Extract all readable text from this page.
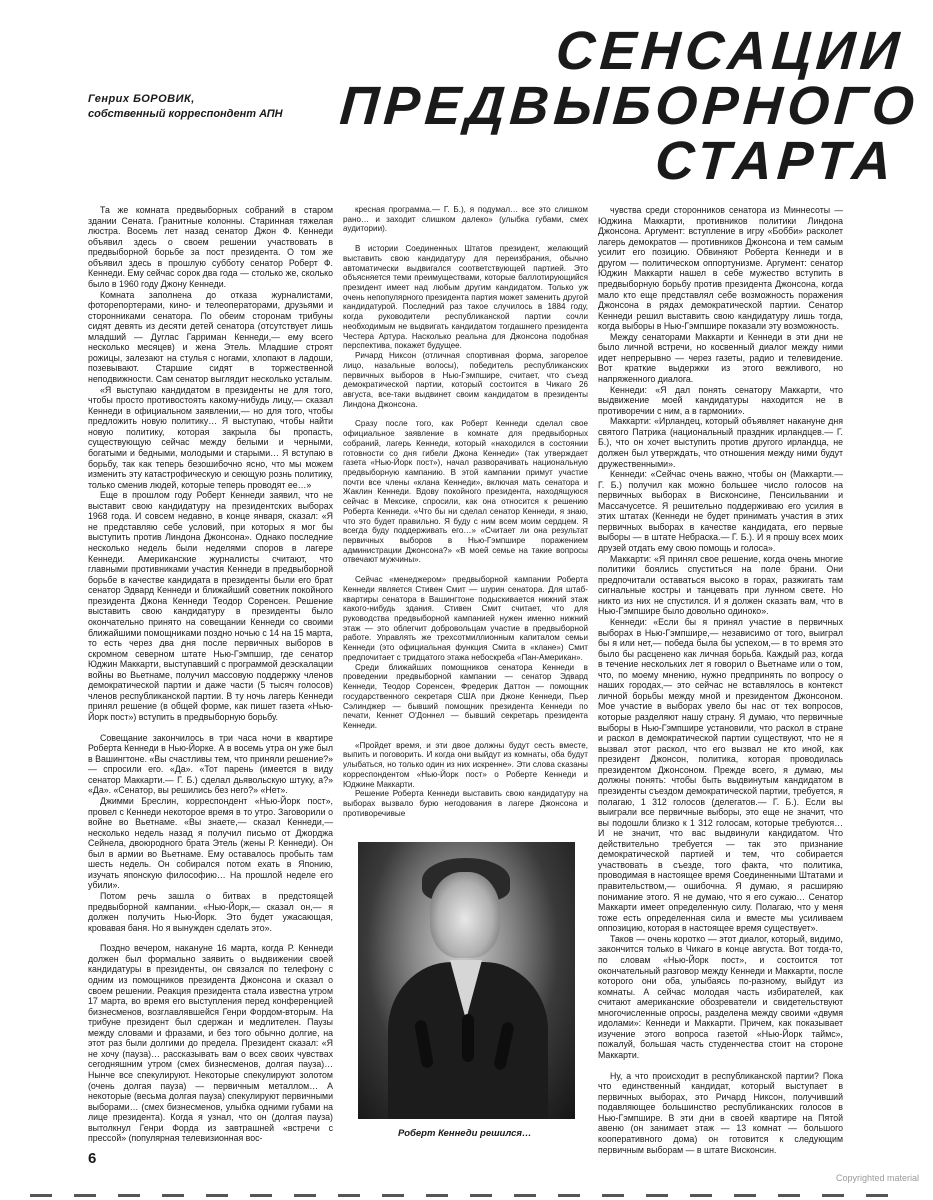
Генрих БОРОВИК,
собственный корреспондент АПН
СЕНСАЦИИ
ПРЕДВЫБОРНОГО
СТАРТА

Та же комната предвыборных собраний в старом здании Сената. Гранитные колонны. Старинная тяжелая люстра. Восемь лет назад сенатор Джон Ф. Кеннеди объявил здесь о своем решении участвовать в предвыборной борьбе за пост президента. О том же объявил здесь в прошлую субботу сенатор Роберт Ф. Кеннеди. Ему сейчас сорок два года — столько же, сколько было в 1960 году Джону Кеннеди.

Комната заполнена до отказа журналистами, фоторепортерами, кино- и телеоператорами, друзьями и сторонниками сенатора. По обеим сторонам трибуны сидят девять из десяти детей сенатора (отсутствует лишь младший — Дуглас Гарриман Кеннеди,— ему всего несколько месяцев) и жена Этель. Младшие строят рожицы, залезают на стулья с ногами, хлопают в ладоши, позевывают. Старшие сидят в торжественной неподвижности. Сам сенатор выглядит несколько усталым.

«Я выступаю кандидатом в президенты не для того, чтобы просто противостоять какому-нибудь лицу,— сказал Кеннеди в официальном заявлении,— но для того, чтобы предложить новую политику… Я выступаю, чтобы найти новую политику, которая закрыла бы пропасть, существующую сейчас между белыми и черными, богатыми и бедными, молодыми и старыми… Я вступаю в борьбу, так как теперь безошибочно ясно, что мы можем изменить эту катастрофическую и сеющую рознь политику, только сменив людей, которые теперь проводят ее…»

Еще в прошлом году Роберт Кеннеди заявил, что не выставит свою кандидатуру на президентских выборах 1968 года. И совсем недавно, в конце января, сказал: «Я не представляю себе условий, при которых я мог бы выступить против Линдона Джонсона». Однако последние несколько недель были неделями споров в лагере Кеннеди. Американские журналисты считают, что главными противниками участия Кеннеди в предвыборной борьбе в качестве кандидата в президенты были его брат сенатор Эдвард Кеннеди и ближайший советник покойного президента Джона Кеннеди Теодор Соренсен. Решение выставить свою кандидатуру в президенты было окончательно принято на совещании Кеннеди со своими ближайшими помощниками поздно ночью с 14 на 15 марта, то есть через два дня после первичных выборов в скромном северном штате Нью-Гэмпшир, где сенатор Юджин Маккарти, выступавший с программой деэскалации войны во Вьетнаме, получил массовую поддержку членов демократической партии и даже части (5 тысяч голосов) членов республиканской партии. В ту ночь лагерь Кеннеди принял решение (в общей форме, как пишет газета «Нью-Йорк пост») вступить в предвыборную борьбу.

Совещание закончилось в три часа ночи в квартире Роберта Кеннеди в Нью-Йорке. А в восемь утра он уже был в Вашингтоне. «Вы счастливы тем, что приняли решение?» — спросили его. «Да». «Тот парень (имеется в виду сенатор Маккарти.— Г. Б.) сделал дьявольскую штуку, а?» «Да». «Сенатор, вы решились без него?» «Нет».

Джимми Бреслин, корреспондент «Нью-Йорк пост», провел с Кеннеди некоторое время в то утро. Заговорили о войне во Вьетнаме. «Вы знаете,— сказал Кеннеди,— несколько недель назад я получил письмо от Джорджа Сейнела, двоюродного брата Этель (жены Р. Кеннеди). Он был в армии во Вьетнаме. Ему оставалось пробыть там шесть недель. Он собирался потом ехать в Японию, изучать японскую философию… На прошлой неделе его убили».

Потом речь зашла о битвах в предстоящей предвыборной кампании. «Нью-Йорк,— сказал он,— я должен получить Нью-Йорк. Это будет ужасающая, кровавая баня. Но я вынужден сделать это».

Поздно вечером, накануне 16 марта, когда Р. Кеннеди должен был формально заявить о выдвижении своей кандидатуры в президенты, он связался по телефону с одним из помощников президента Джонсона и сказал о своем решении. Реакция президента стала известна утром 17 марта, во время его выступления перед конференцией бизнесменов, возглавлявшейся Генри Фордом-вторым. На трибуне президент был сдержан и медлителен. Паузы между словами и фразами, и без того обычно долгие, на этот раз были долгими до предела. Президент сказал: «Я не хочу (пауза)… рассказывать вам о всех своих чувствах сегодняшним утром (смех бизнесменов, долгая пауза)… Нынче все спекулируют. Некоторые спекулируют золотом (очень долгая пауза) — первичным металлом… А некоторые (весьма долгая пауза) спекулируют первичными выборами… (смех бизнесменов, улыбка одними губами на лице президента). Когда я узнал, что он (долгая пауза) вытолкнул Генри Форда из завтрашней «встречи с прессой» (популярная телевизионная вос-

кресная программа.— Г. Б.), я подумал… все это слишком рано… и заходит слишком далеко» (улыбка губами, смех аудитории).

В истории Соединенных Штатов президент, желающий выставить свою кандидатуру для переизбрания, обычно автоматически выдвигался соответствующей партией. Это объясняется теми преимуществами, которые баллотирующийся президент имеет над любым другим кандидатом. Только уж очень непопулярного президента партия может заменить другой кандидатурой. Последний раз такое случилось в 1884 году, когда руководители республиканской партии сочли необходимым не выдвигать кандидатом тогдашнего президента Честера Артура. Насколько реальна для Джонсона подобная перспектива, покажет будущее.

Ричард Никсон (отличная спортивная форма, загорелое лицо, назальные волосы), победитель республиканских первичных выборов в Нью-Гэмпшире, считает, что съезд демократической партии, который состоится в Чикаго 26 августа, все-таки выдвинет своим кандидатом в президенты Линдона Джонсона.

Сразу после того, как Роберт Кеннеди сделал свое официальное заявление в комнате для предвыборных собраний, лагерь Кеннеди, который «находился в состоянии готовности со дня гибели Джона Кеннеди» (так утверждает газета «Нью-Йорк пост»), начал разворачивать национальную предвыборную кампанию. В этой кампании примут участие почти все члены «клана Кеннеди», включая мать сенатора и Жаклин Кеннеди. Вдову покойного президента, находящуюся сейчас в Мексике, спросили, как она относится к решению Роберта Кеннеди. «Что бы ни сделал сенатор Кеннеди, я знаю, что это будет правильно. Я буду с ним всем моим сердцем. Я всегда буду поддерживать его…» «Считает ли она результат первичных выборов в Нью-Гэмпшире поражением администрации Джонсона?» «В моей семье на такие вопросы отвечают мужчины».

Сейчас «менеджером» предвыборной кампании Роберта Кеннеди является Стивен Смит — шурин сенатора. Для штаб-квартиры сенатора в Вашингтоне подыскивается нижний этаж какого-нибудь здания. Стивен Смит считает, что для руководства предвыборной кампанией нужен именно нижний этаж — это облегчит добровольцам участие в предвыборной работе. Управлять же трехсотмиллионным капиталом семьи Кеннеди (это официальная функция Смита в «клане») Смит предпочитает с тридцатого этажа небоскреба «Пан-Американ».

Среди ближайших помощников сенатора Кеннеди в проведении предвыборной кампании — сенатор Эдвард Кеннеди, Теодор Соренсен, Фредерик Даттон — помощник государственного секретаря США при Джоне Кеннеди, Пьер Сэлинджер — бывший помощник президента Кеннеди по печати, Кеннет О'Доннел — бывший секретарь президента Кеннеди.

«Пройдет время, и эти двое должны будут сесть вместе, выпить и поговорить. И когда они выйдут из комнаты, оба будут улыбаться, но только один из них искренне». Эти слова сказаны корреспондентом «Нью-Йорк пост» о Роберте Кеннеди и Юджине Маккарти.

Решение Роберта Кеннеди выставить свою кандидатуру на выборах вызвало бурю негодования в лагере Джонсона и противоречивые

Роберт Кеннеди решился…

чувства среди сторонников сенатора из Миннесоты — Юджина Маккарти, противников политики Линдона Джонсона. Аргумент: вступление в игру «Бобби» расколет лагерь демократов — противников Джонсона и тем самым усилит его позицию. Обвиняют Роберта Кеннеди и в другом — политическом оппортунизме. Аргумент: сенатор Юджин Маккарти нашел в себе мужество вступить в предвыборную борьбу против президента Джонсона, когда мало кто еще представлял себе возможность поражения Джонсона в рядах демократической партии. Сенатор Кеннеди решил выставить свою кандидатуру лишь тогда, когда выборы в Нью-Гэмпшире показали эту возможность.

Между сенаторами Маккарти и Кеннеди в эти дни не было личной встречи, но косвенный диалог между ними идет непрерывно — через газеты, радио и телевидение. Вот краткие выдержки из этого вежливого, но напряженного диалога.

Кеннеди: «Я дал понять сенатору Маккарти, что выдвижение моей кандидатуры находится не в противоречии с ним, а в гармонии».

Маккарти: «Ирландец, который объявляет накануне дня святого Патрика (национальный праздник ирландцев.— Г. Б.), что он хочет выступить против другого ирландца, не должен был утверждать, что отношения между ними будут дружественными».

Кеннеди: «Сейчас очень важно, чтобы он (Маккарти.— Г. Б.) получил как можно большее число голосов на первичных выборах в Висконсине, Пенсильвании и Массачусетсе. Я решительно поддерживаю его усилия в этих штатах (Кеннеди не будет принимать участия в этих первичных выборах в качестве кандидата, его первые выборы — в штате Небраска.— Г. Б.). И я прошу всех моих друзей отдать ему свою помощь и голоса».

Маккарти: «Я принял свое решение, когда очень многие политики боялись спуститься на поле брани. Они предпочитали оставаться высоко в горах, разжигать там сигнальные костры и танцевать при лунном свете. Но никто из них не спустился. И я должен сказать вам, что в Нью-Гэмпшире было довольно одиноко».

Кеннеди: «Если бы я принял участие в первичных выборах в Нью-Гэмпшире,— независимо от того, выиграл бы я или нет,— победа была бы успехом,— в то время это было бы расценено как личная борьба. Каждый раз, когда в течение нескольких лет я говорил о Вьетнаме или о том, что, по моему мнению, нужно предпринять по вопросу о наших городах,— это сейчас не вставлялось в контекст личной борьбы между мной и президентом Джонсоном. Мое участие в выборах увело бы нас от тех вопросов, которые разделяют нашу страну. Я думаю, что первичные выборы в Нью-Гэмпшире установили, что раскол в стране и раскол в демократической партии существуют, что не я вызвал этот раскол, что его вызвал не кто иной, как президент Джонсон, политика, которая проводилась президентом Джонсоном. Прежде всего, я думаю, мы должны понять: чтобы быть выдвинутым кандидатом в президенты съездом демократической партии, требуется, я полагаю, 1 312 голосов (делегатов.— Г. Б.). Если вы выиграли все первичные выборы, это еще не значит, что вы подошли близко к 1 312 голосам, которые требуются… И не значит, что вас выдвинули кандидатом. Что действительно требуется — так это признание демократической партией и тем, что собирается участвовать в съезде, того факта, что политика, проводимая в настоящее время Соединенными Штатами и правительством,— ошибочна. Я думаю, я расширяю понимание этого. Я не думаю, что я его сужаю… Сенатор Маккарти имеет определенную силу. Полагаю, что у меня тоже есть определенная сила и вместе мы усиливаем оппозицию, которая в настоящее время существует».

Таков — очень коротко — этот диалог, который, видимо, закончится только в Чикаго в конце августа. Вот тогда-то, по словам «Нью-Йорк пост», и состоится тот окончательный разговор между Кеннеди и Маккарти, после которого они оба, улыбаясь по-разному, выйдут из комнаты. А сейчас молодая часть избирателей, как считают американские обозреватели и свидетельствуют многочисленные опросы, разделена между своими «двумя идолами»: Кеннеди и Маккарти. Причем, как показывает изучение этого вопроса газетой «Нью-Йорк таймс», пожалуй, большая часть студенчества стоит на стороне Маккарти.

Ну, а что происходит в республиканской партии? Пока что единственный кандидат, который выступает в первичных выборах, это Ричард Никсон, получивший подавляющее большинство республиканских голосов в Нью-Гэмпшире. В эти дни в своей квартире на Пятой авеню (он занимает этаж — 13 комнат — большого кооперативного дома) он готовится к следующим первичным выборам — в штате Висконсин.

6
Copyrighted material
